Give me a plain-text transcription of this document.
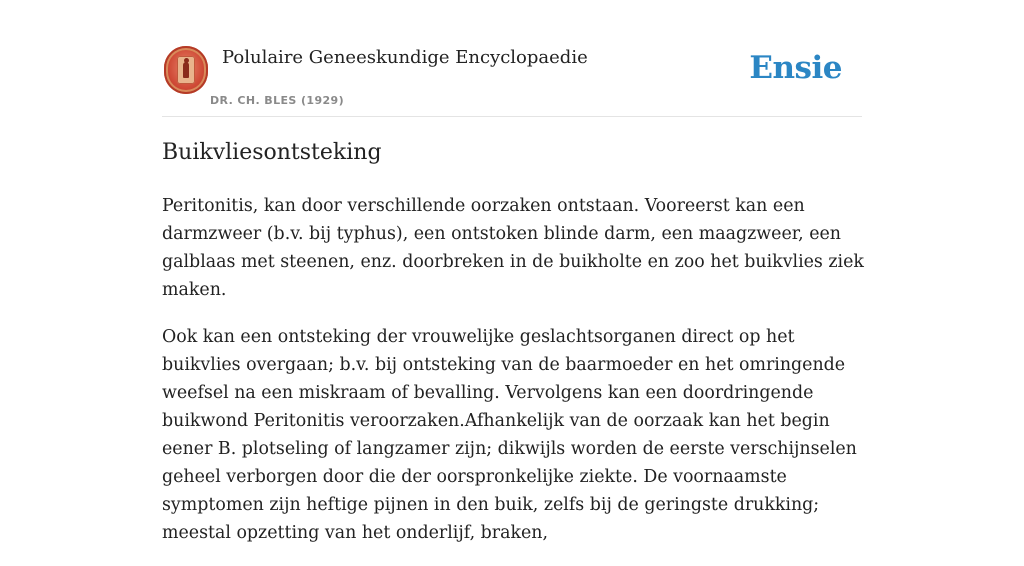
Polulaire Geneeskundige Encyclopaedie
DR. CH. BLES (1929)
Ensie
Buikvliesontsteking

Peritonitis, kan door verschillende oorzaken ontstaan. Vooreerst kan een darmzweer (b.v. bij typhus), een ontstoken blinde darm, een maagzweer, een galblaas met steenen, enz. doorbreken in de buikholte en zoo het buikvlies ziek maken.

Ook kan een ontsteking der vrouwelijke geslachtsorganen direct op het buikvlies overgaan; b.v. bij ontsteking van de baarmoeder en het omringende weefsel na een miskraam of bevalling. Vervolgens kan een doordringende buikwond Peritonitis veroorzaken.Afhankelijk van de oorzaak kan het begin eener B. plotseling of langzamer zijn; dikwijls worden de eerste verschijnselen geheel verborgen door die der oorspronkelijke ziekte. De voornaamste symptomen zijn heftige pijnen in den buik, zelfs bij de geringste drukking; meestal opzetting van het onderlijf, braken,
